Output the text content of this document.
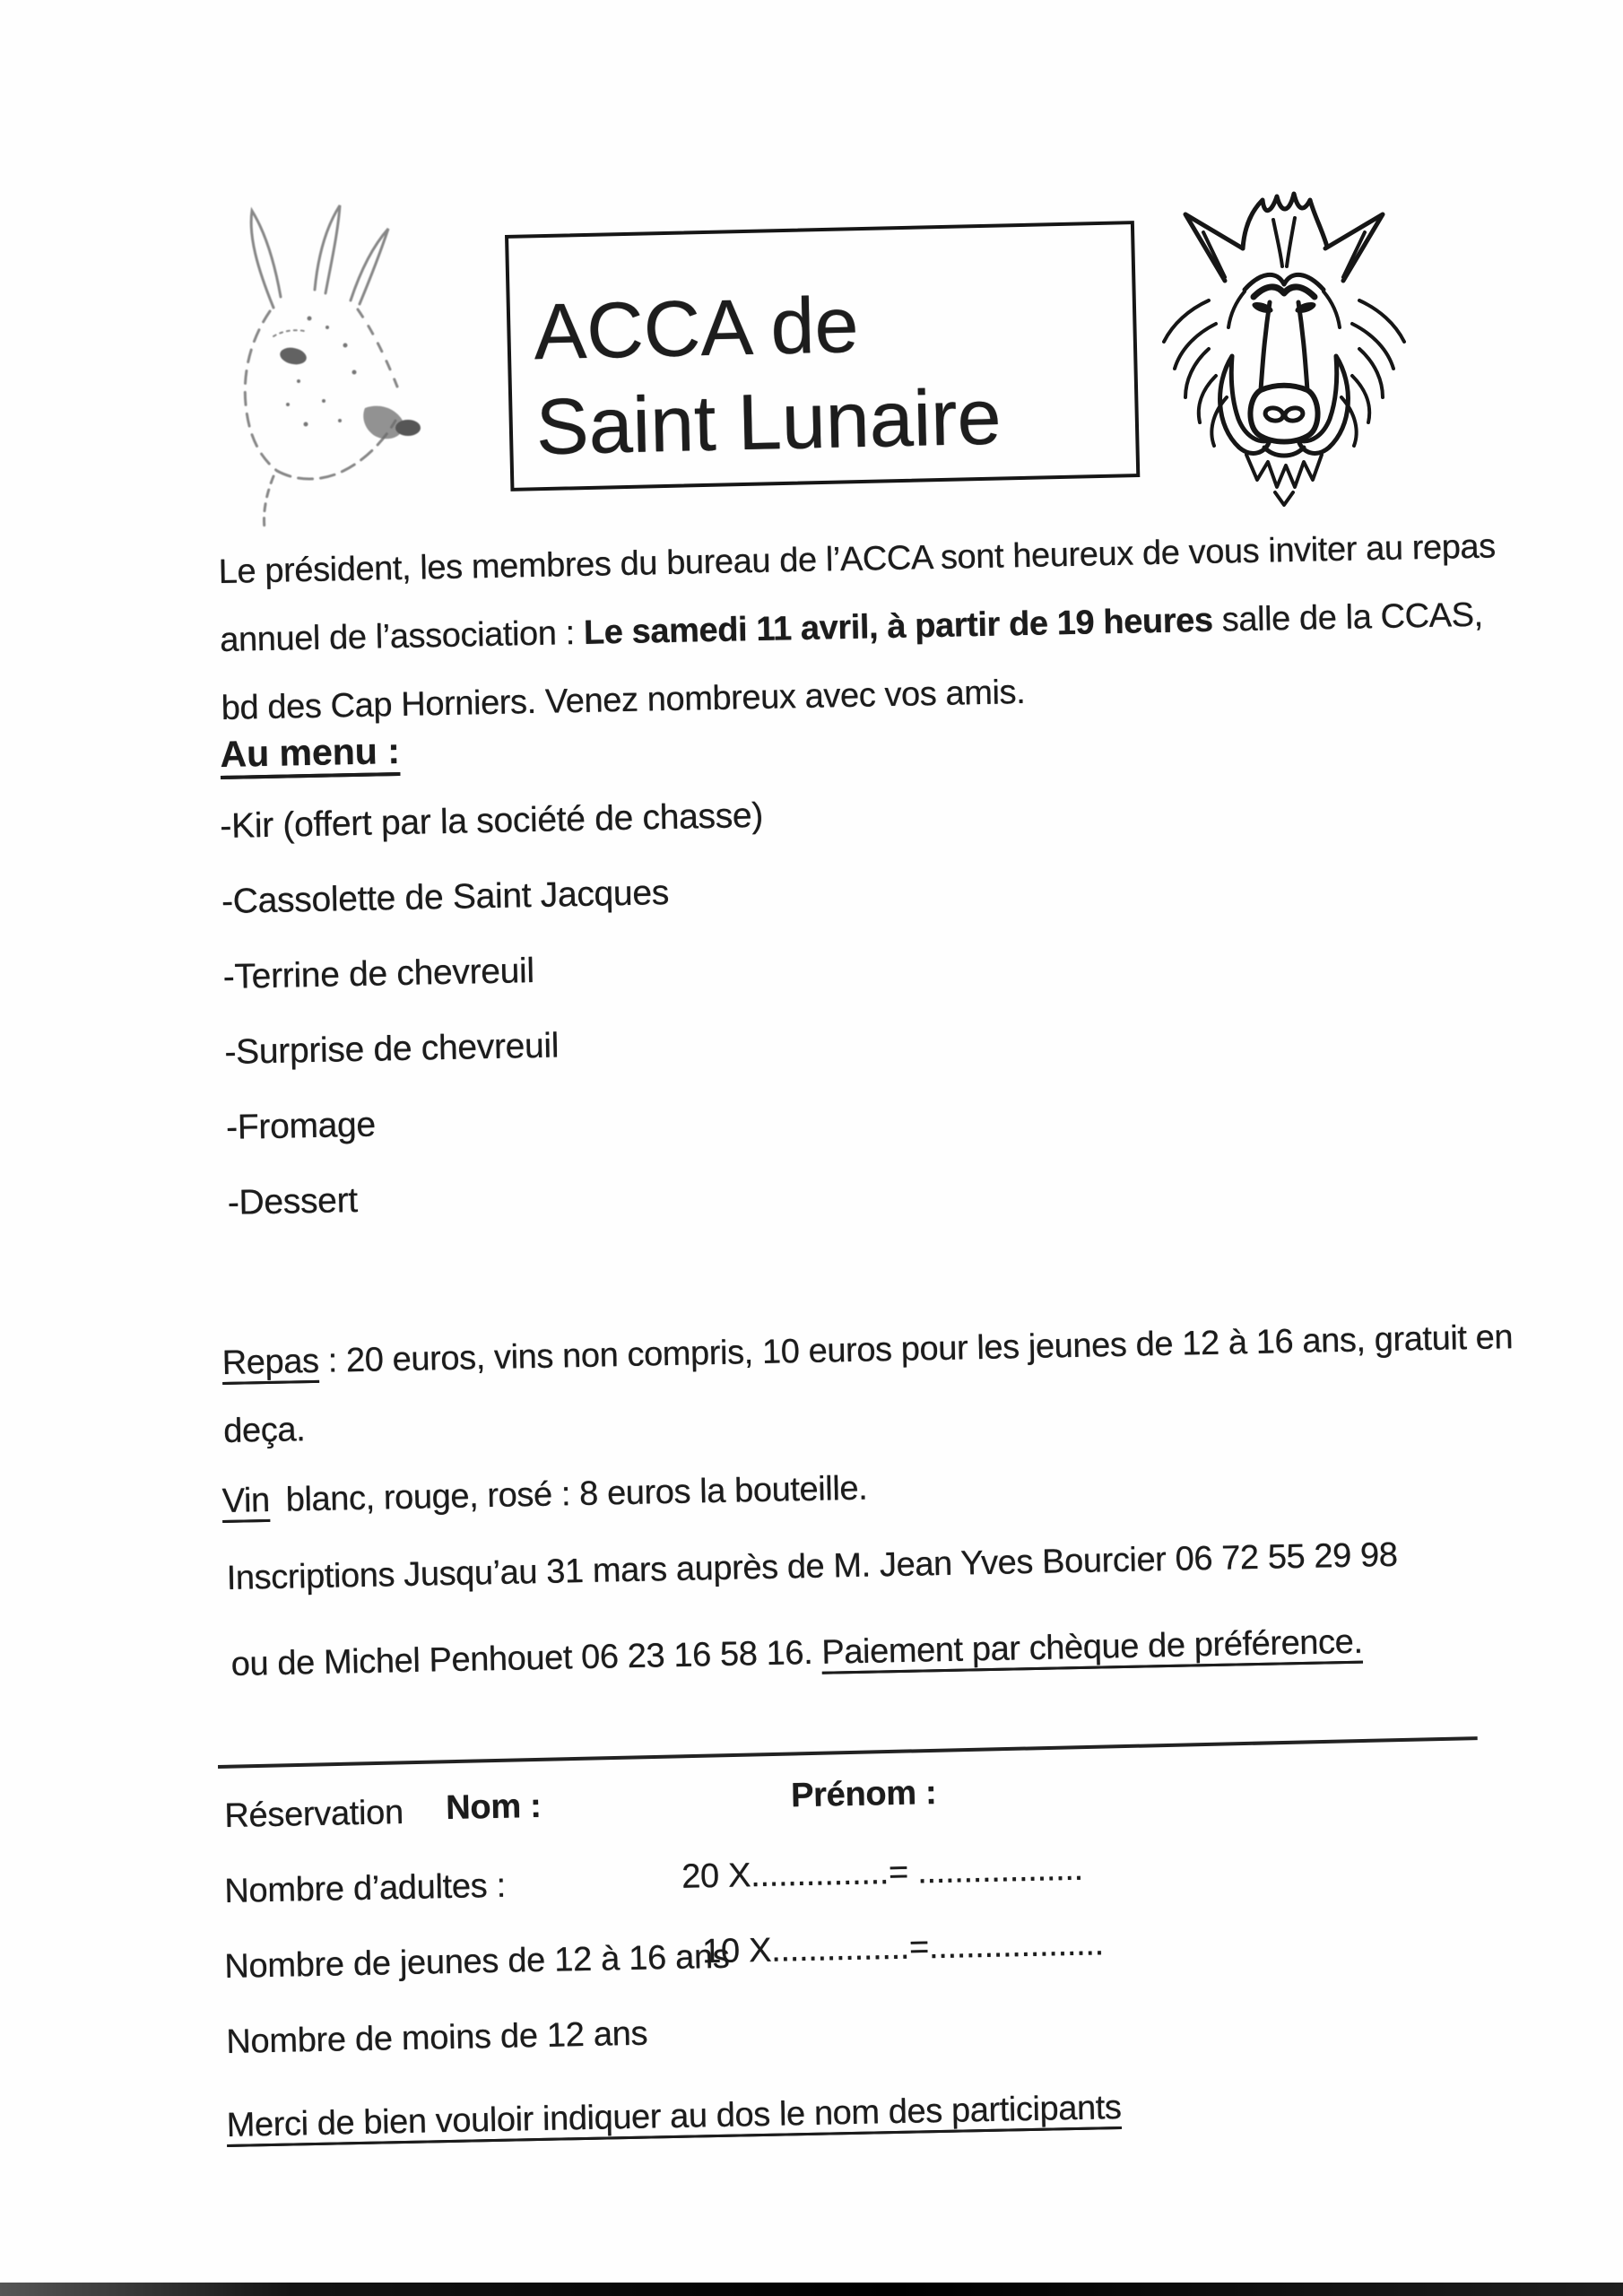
ACCA de
Saint Lunaire

Le président, les membres du bureau de l’ACCA sont heureux de vous inviter au repas annuel de l’association : Le samedi 11 avril, à partir de 19 heures salle de la CCAS, bd des Cap Horniers. Venez nombreux avec vos amis.

Au menu :
-Kir (offert par la société de chasse)
-Cassolette de Saint Jacques
-Terrine de chevreuil
-Surprise de chevreuil
-Fromage
-Dessert

Repas : 20 euros, vins non compris, 10 euros pour les jeunes de 12 à 16 ans, gratuit en deça.

Vin blanc, rouge, rosé : 8 euros la bouteille.

Inscriptions Jusqu’au 31 mars auprès de M. Jean Yves Bourcier 06 72 55 29 98

ou de Michel Penhouet 06 23 16 58 16. Paiement par chèque de préférence.

Réservation Nom :	Prénom :
Nombre d’adultes :	20 X...............= ..................
Nombre de jeunes de 12 à 16 ans
10 X...............=...................
Nombre de moins de 12 ans

Merci de bien vouloir indiquer au dos le nom des participants
